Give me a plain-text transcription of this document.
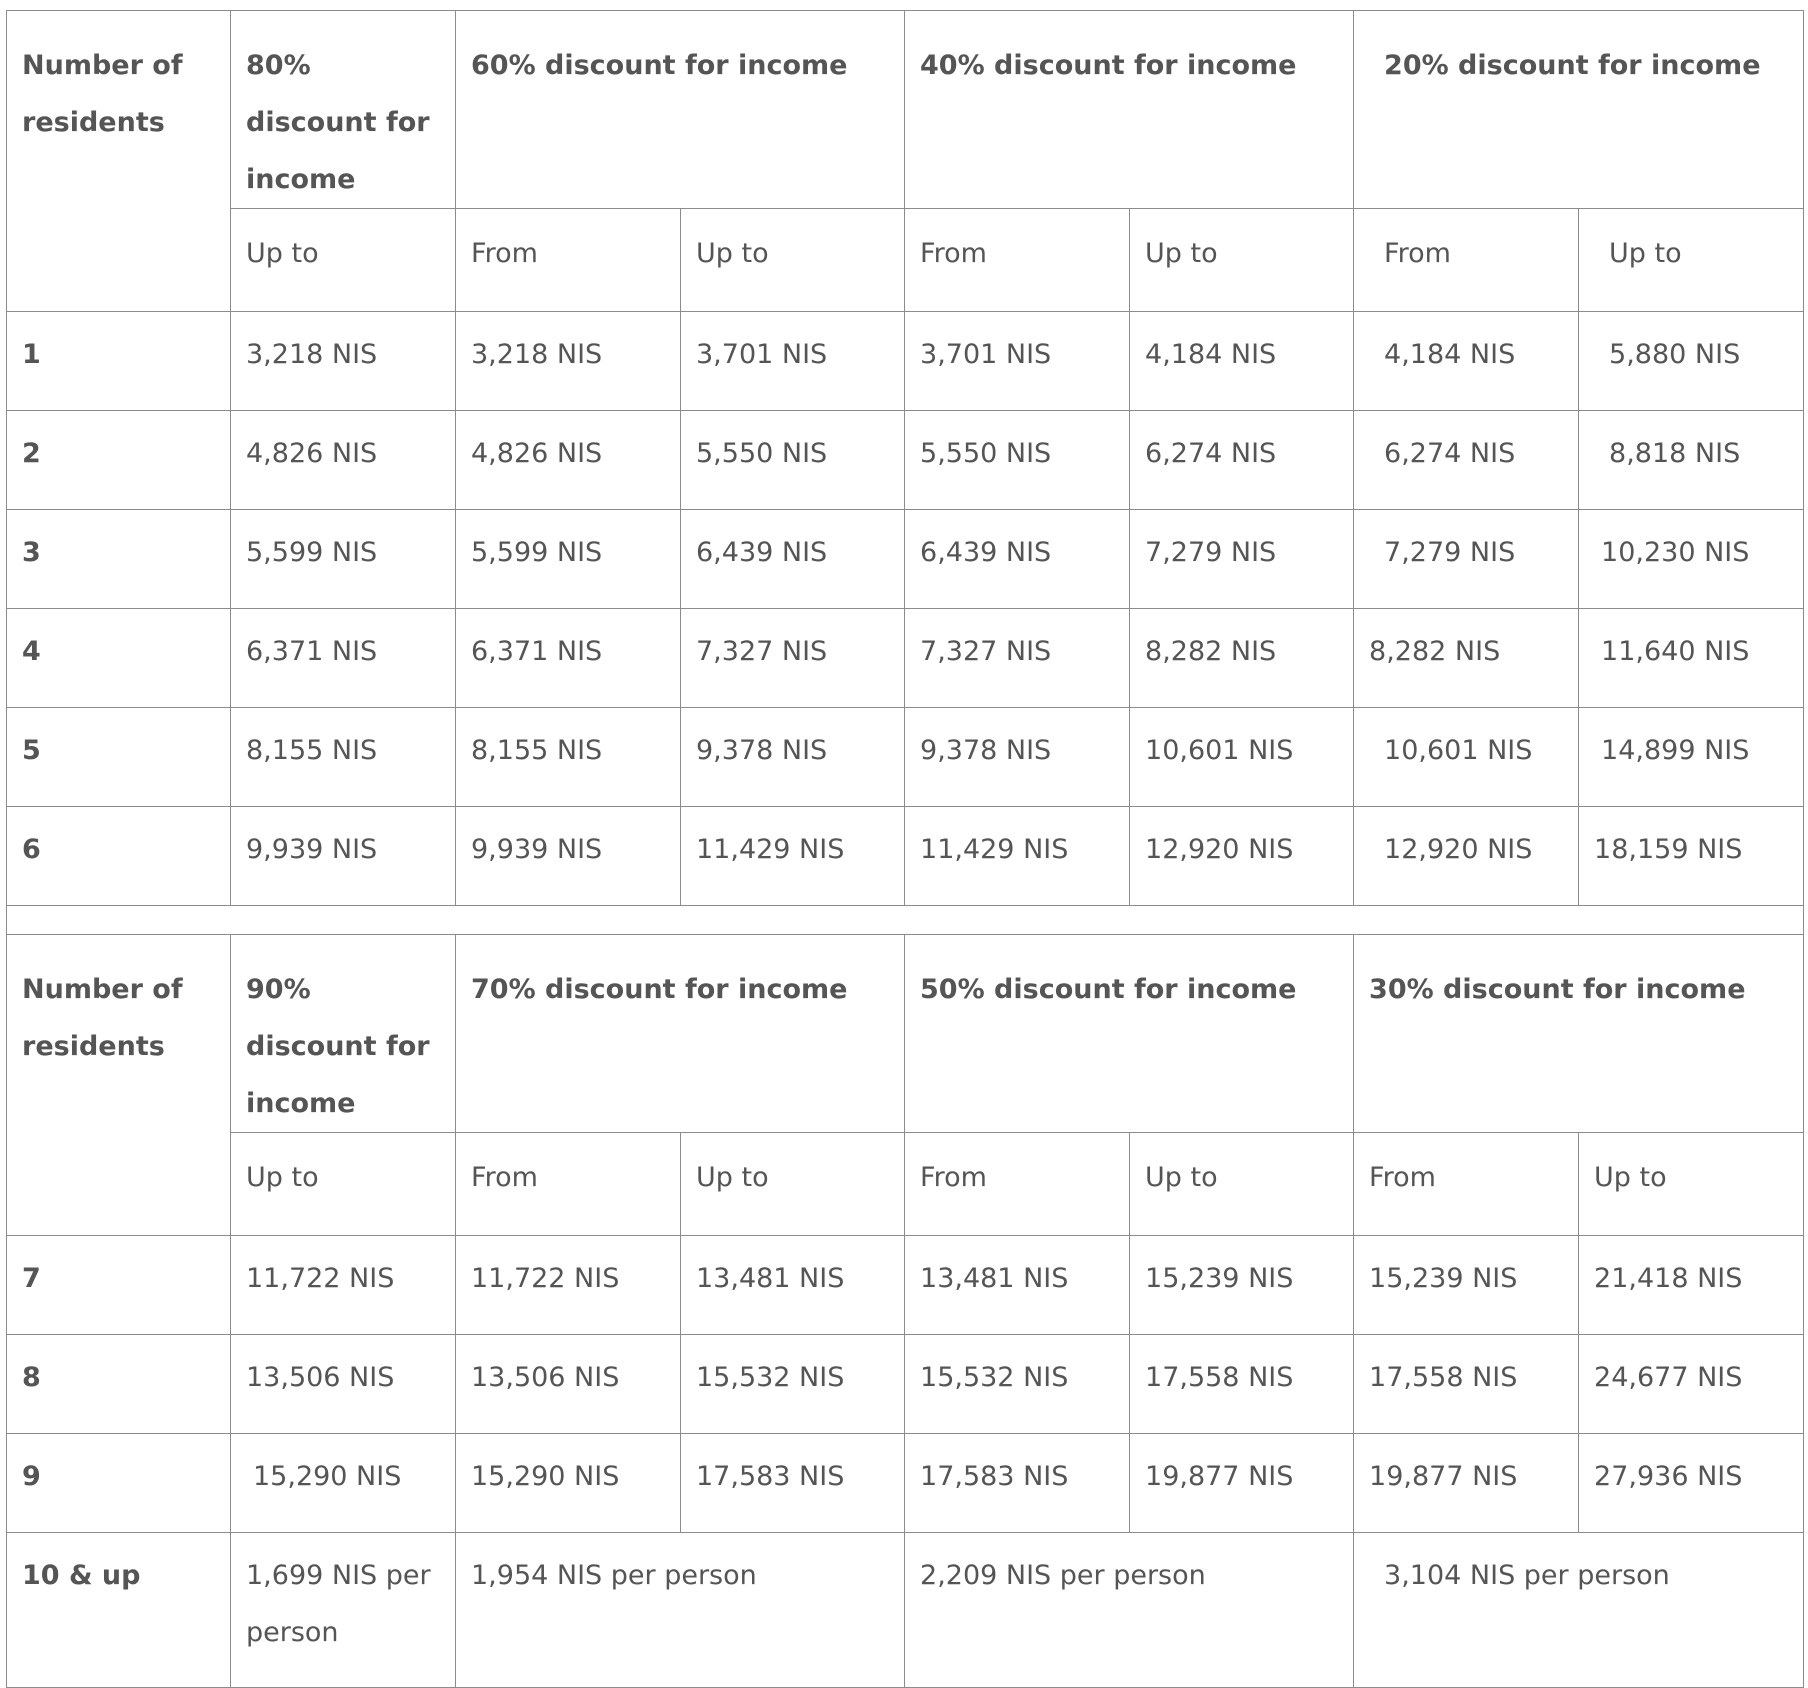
Number of residents	80% discount for income	60% discount for income		40% discount for income		20% discount for income	
	Up to	From	Up to	From	Up to	From	Up to
1	3,218 NIS	3,218 NIS	3,701 NIS	3,701 NIS	4,184 NIS	4,184 NIS	5,880 NIS
2	4,826 NIS	4,826 NIS	5,550 NIS	5,550 NIS	6,274 NIS	6,274 NIS	8,818 NIS
3	5,599 NIS	5,599 NIS	6,439 NIS	6,439 NIS	7,279 NIS	7,279 NIS	10,230 NIS
4	6,371 NIS	6,371 NIS	7,327 NIS	7,327 NIS	8,282 NIS	8,282 NIS	11,640 NIS
5	8,155 NIS	8,155 NIS	9,378 NIS	9,378 NIS	10,601 NIS	10,601 NIS	14,899 NIS
6	9,939 NIS	9,939 NIS	11,429 NIS	11,429 NIS	12,920 NIS	12,920 NIS	18,159 NIS

Number of residents	90% discount for income	70% discount for income		50% discount for income		30% discount for income	
	Up to	From	Up to	From	Up to	From	Up to
7	11,722 NIS	11,722 NIS	13,481 NIS	13,481 NIS	15,239 NIS	15,239 NIS	21,418 NIS
8	13,506 NIS	13,506 NIS	15,532 NIS	15,532 NIS	17,558 NIS	17,558 NIS	24,677 NIS
9	15,290 NIS	15,290 NIS	17,583 NIS	17,583 NIS	19,877 NIS	19,877 NIS	27,936 NIS
10 & up	1,699 NIS per person	1,954 NIS per person		2,209 NIS per person		3,104 NIS per person	
